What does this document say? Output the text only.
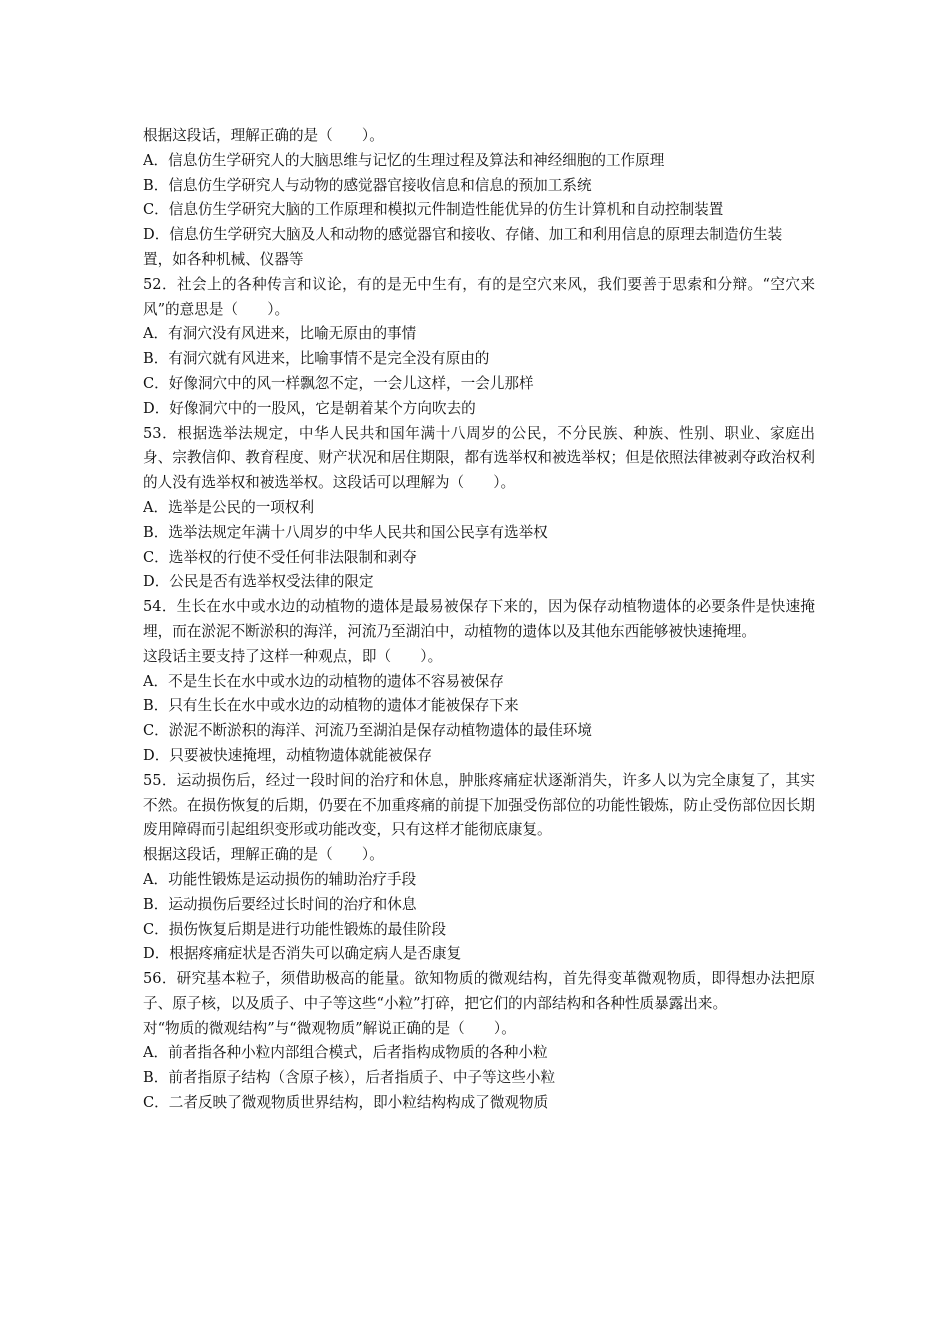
根据这段话，理解正确的是（　　）。
A．信息仿生学研究人的大脑思维与记忆的生理过程及算法和神经细胞的工作原理
B．信息仿生学研究人与动物的感觉器官接收信息和信息的预加工系统
C．信息仿生学研究大脑的工作原理和模拟元件制造性能优异的仿生计算机和自动控制装置
D．信息仿生学研究大脑及人和动物的感觉器官和接收、存储、加工和利用信息的原理去制造仿生装
置，如各种机械、仪器等
52．社会上的各种传言和议论，有的是无中生有，有的是空穴来风，我们要善于思索和分辩。“空穴来风”的意思是（　　）。
A．有洞穴没有风进来，比喻无原由的事情
B．有洞穴就有风进来，比喻事情不是完全没有原由的
C．好像洞穴中的风一样飘忽不定，一会儿这样，一会儿那样
D．好像洞穴中的一股风，它是朝着某个方向吹去的
53．根据选举法规定，中华人民共和国年满十八周岁的公民，不分民族、种族、性别、职业、家庭出身、宗教信仰、教育程度、财产状况和居住期限，都有选举权和被选举权；但是依照法律被剥夺政治权利的人没有选举权和被选举权。这段话可以理解为（　　）。
A．选举是公民的一项权利
B．选举法规定年满十八周岁的中华人民共和国公民享有选举权
C．选举权的行使不受任何非法限制和剥夺
D．公民是否有选举权受法律的限定
54．生长在水中或水边的动植物的遗体是最易被保存下来的，因为保存动植物遗体的必要条件是快速掩埋，而在淤泥不断淤积的海洋，河流乃至湖泊中，动植物的遗体以及其他东西能够被快速掩埋。
这段话主要支持了这样一种观点，即（　　）。
A．不是生长在水中或水边的动植物的遗体不容易被保存
B．只有生长在水中或水边的动植物的遗体才能被保存下来
C．淤泥不断淤积的海洋、河流乃至湖泊是保存动植物遗体的最佳环境
D．只要被快速掩埋，动植物遗体就能被保存
55．运动损伤后，经过一段时间的治疗和休息，肿胀疼痛症状逐渐消失，许多人以为完全康复了，其实不然。在损伤恢复的后期，仍要在不加重疼痛的前提下加强受伤部位的功能性锻炼，防止受伤部位因长期废用障碍而引起组织变形或功能改变，只有这样才能彻底康复。
根据这段话，理解正确的是（　　）。
A．功能性锻炼是运动损伤的辅助治疗手段
B．运动损伤后要经过长时间的治疗和休息
C．损伤恢复后期是进行功能性锻炼的最佳阶段
D．根据疼痛症状是否消失可以确定病人是否康复
56．研究基本粒子，须借助极高的能量。欲知物质的微观结构，首先得变革微观物质，即得想办法把原子、原子核，以及质子、中子等这些“小粒”打碎，把它们的内部结构和各种性质暴露出来。
对“物质的微观结构”与“微观物质”解说正确的是（　　）。
A．前者指各种小粒内部组合模式，后者指构成物质的各种小粒
B．前者指原子结构（含原子核），后者指质子、中子等这些小粒
C．二者反映了微观物质世界结构，即小粒结构构成了微观物质
